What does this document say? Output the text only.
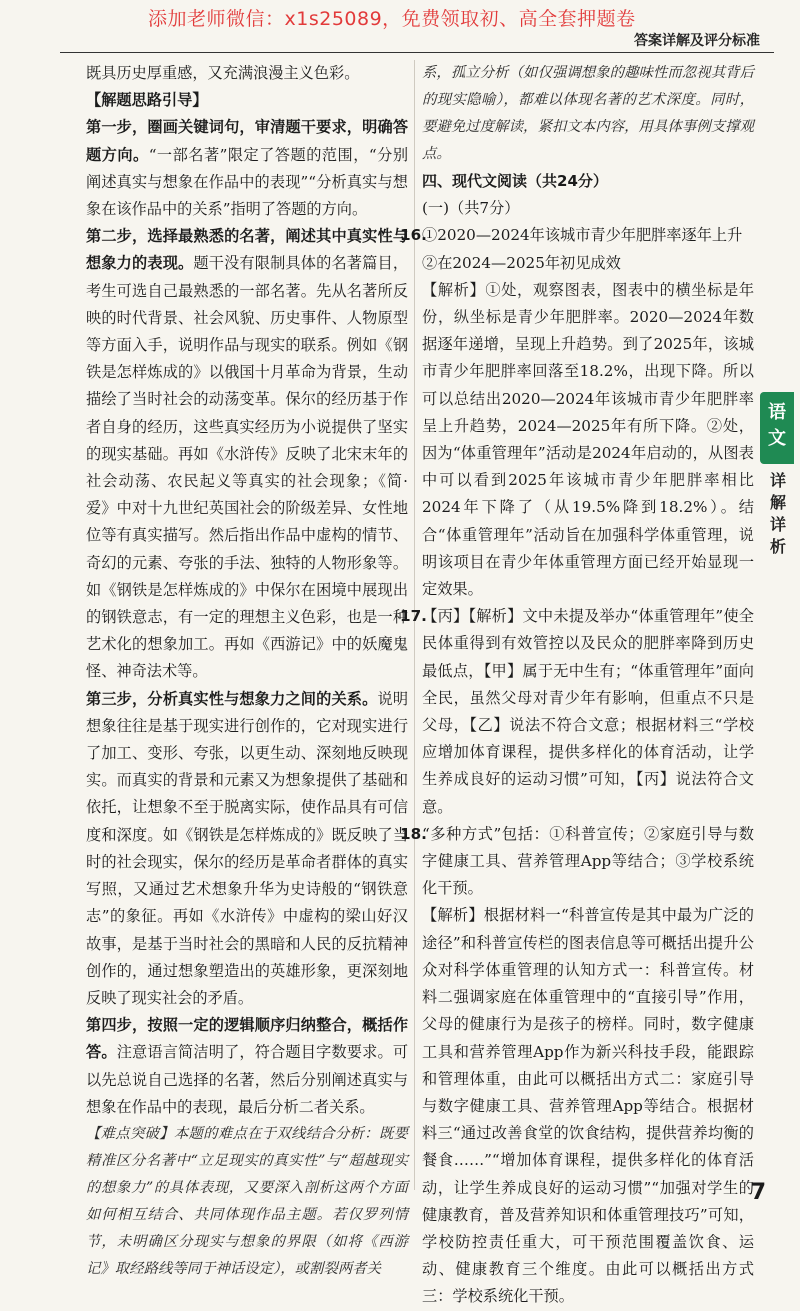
添加老师微信：x1s25089，免费领取初、高全套押题卷
答案详解及评分标准

既具历史厚重感，又充满浪漫主义色彩。

【解题思路引导】

第一步，圈画关键词句，审清题干要求，明确答题方向。“一部名著”限定了答题的范围，“分别阐述真实与想象在作品中的表现”“分析真实与想象在该作品中的关系”指明了答题的方向。

第二步，选择最熟悉的名著，阐述其中真实性与想象力的表现。题干没有限制具体的名著篇目，考生可选自己最熟悉的一部名著。先从名著所反映的时代背景、社会风貌、历史事件、人物原型等方面入手，说明作品与现实的联系。例如《钢铁是怎样炼成的》以俄国十月革命为背景，生动描绘了当时社会的动荡变革。保尔的经历基于作者自身的经历，这些真实经历为小说提供了坚实的现实基础。再如《水浒传》反映了北宋末年的社会动荡、农民起义等真实的社会现象；《简·爱》中对十九世纪英国社会的阶级差异、女性地位等有真实描写。然后指出作品中虚构的情节、奇幻的元素、夸张的手法、独特的人物形象等。如《钢铁是怎样炼成的》中保尔在困境中展现出的钢铁意志，有一定的理想主义色彩，也是一种艺术化的想象加工。再如《西游记》中的妖魔鬼怪、神奇法术等。

第三步，分析真实性与想象力之间的关系。说明想象往往是基于现实进行创作的，它对现实进行了加工、变形、夸张，以更生动、深刻地反映现实。而真实的背景和元素又为想象提供了基础和依托，让想象不至于脱离实际，使作品具有可信度和深度。如《钢铁是怎样炼成的》既反映了当时的社会现实，保尔的经历是革命者群体的真实写照，又通过艺术想象升华为史诗般的“钢铁意志”的象征。再如《水浒传》中虚构的梁山好汉故事，是基于当时社会的黑暗和人民的反抗精神创作的，通过想象塑造出的英雄形象，更深刻地反映了现实社会的矛盾。

第四步，按照一定的逻辑顺序归纳整合，概括作答。注意语言简洁明了，符合题目字数要求。可以先总说自己选择的名著，然后分别阐述真实与想象在作品中的表现，最后分析二者关系。

【难点突破】本题的难点在于双线结合分析：既要精准区分名著中“立足现实的真实性”与“超越现实的想象力”的具体表现，又要深入剖析这两个方面如何相互结合、共同体现作品主题。若仅罗列情节，未明确区分现实与想象的界限（如将《西游记》取经路线等同于神话设定），或割裂两者关

系，孤立分析（如仅强调想象的趣味性而忽视其背后的现实隐喻），都难以体现名著的艺术深度。同时，要避免过度解读，紧扣文本内容，用具体事例支撑观点。

四、现代文阅读（共24分）

(一)（共7分）

16.①2020—2024年该城市青少年肥胖率逐年上升

②在2024—2025年初见成效

【解析】①处，观察图表，图表中的横坐标是年份，纵坐标是青少年肥胖率。2020—2024年数据逐年递增，呈现上升趋势。到了2025年，该城市青少年肥胖率回落至18.2%，出现下降。所以可以总结出2020—2024年该城市青少年肥胖率呈上升趋势，2024—2025年有所下降。②处，因为“体重管理年”活动是2024年启动的，从图表中可以看到2025年该城市青少年肥胖率相比2024年下降了（从19.5%降到18.2%）。结合“体重管理年”活动旨在加强科学体重管理，说明该项目在青少年体重管理方面已经开始显现一定效果。

17.【丙】【解析】文中未提及举办“体重管理年”使全民体重得到有效管控以及民众的肥胖率降到历史最低点，【甲】属于无中生有；“体重管理年”面向全民，虽然父母对青少年有影响，但重点不只是父母，【乙】说法不符合文意；根据材料三“学校应增加体育课程，提供多样化的体育活动，让学生养成良好的运动习惯”可知，【丙】说法符合文意。

18.“多种方式”包括：①科普宣传；②家庭引导与数字健康工具、营养管理App等结合；③学校系统化干预。

【解析】根据材料一“科普宣传是其中最为广泛的途径”和科普宣传栏的图表信息等可概括出提升公众对科学体重管理的认知方式一：科普宣传。材料二强调家庭在体重管理中的“直接引导”作用，父母的健康行为是孩子的榜样。同时，数字健康工具和营养管理App作为新兴科技手段，能跟踪和管理体重，由此可以概括出方式二：家庭引导与数字健康工具、营养管理App等结合。根据材料三“通过改善食堂的饮食结构，提供营养均衡的餐食……”“增加体育课程，提供多样化的体育活动，让学生养成良好的运动习惯”“加强对学生的健康教育，普及营养知识和体重管理技巧”可知，学校防控责任重大，可干预范围覆盖饮食、运动、健康教育三个维度。由此可以概括出方式三：学校系统化干预。

语文
详解详析
7
